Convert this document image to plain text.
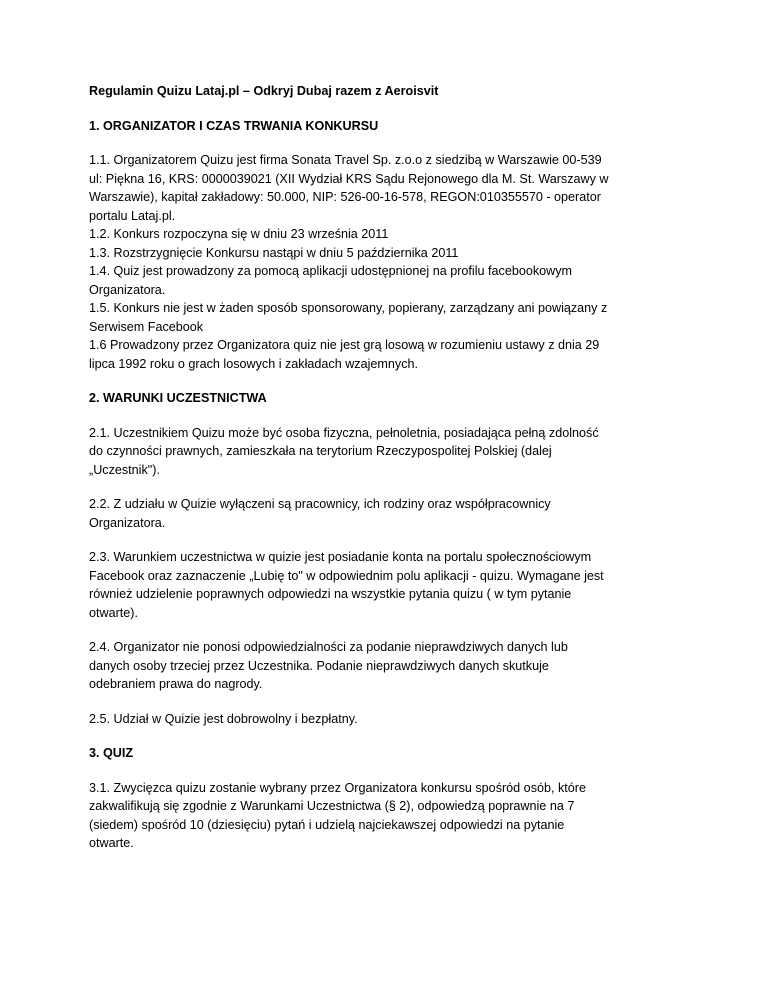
Regulamin Quizu Lataj.pl – Odkryj Dubaj razem z Aeroisvit
1. ORGANIZATOR I CZAS TRWANIA KONKURSU
1.1. Organizatorem Quizu jest firma Sonata Travel Sp. z.o.o z siedzibą w Warszawie 00-539
ul: Piękna 16, KRS: 0000039021 (XII Wydział KRS Sądu Rejonowego dla M. St. Warszawy w
Warszawie), kapitał zakładowy: 50.000, NIP: 526-00-16-578, REGON:010355570 - operator
portalu Lataj.pl.
1.2. Konkurs rozpoczyna się w dniu 23 września 2011
1.3. Rozstrzygnięcie Konkursu nastąpi w dniu 5 października 2011
1.4. Quiz jest prowadzony za pomocą aplikacji udostępnionej na profilu facebookowym
Organizatora.
1.5. Konkurs nie jest w żaden sposób sponsorowany, popierany, zarządzany ani powiązany z
Serwisem Facebook
1.6 Prowadzony przez Organizatora quiz nie jest grą losową w rozumieniu ustawy z dnia 29
lipca 1992 roku o grach losowych i zakładach wzajemnych.
2. WARUNKI UCZESTNICTWA
2.1. Uczestnikiem Quizu może być osoba fizyczna, pełnoletnia, posiadająca pełną zdolność
do czynności prawnych, zamieszkała na terytorium Rzeczypospolitej Polskiej (dalej
„Uczestnik").
2.2. Z udziału w Quizie wyłączeni są pracownicy, ich rodziny oraz współpracownicy
Organizatora.
2.3. Warunkiem uczestnictwa w quizie jest posiadanie konta na portalu społecznościowym
Facebook oraz zaznaczenie „Lubię to" w odpowiednim polu aplikacji - quizu. Wymagane jest
również udzielenie poprawnych odpowiedzi na wszystkie pytania quizu ( w tym pytanie
otwarte).
2.4. Organizator nie ponosi odpowiedzialności za podanie nieprawdziwych danych lub
danych osoby trzeciej przez Uczestnika. Podanie nieprawdziwych danych skutkuje
odebraniem prawa do nagrody.
2.5. Udział w Quizie jest dobrowolny i bezpłatny.
3. QUIZ
3.1. Zwycięzca quizu zostanie wybrany przez Organizatora konkursu spośród osób, które
zakwalifikują się zgodnie z Warunkami Uczestnictwa (§ 2), odpowiedzą poprawnie na 7
(siedem) spośród 10 (dziesięciu) pytań i udzielą najciekawszej odpowiedzi na pytanie
otwarte.
